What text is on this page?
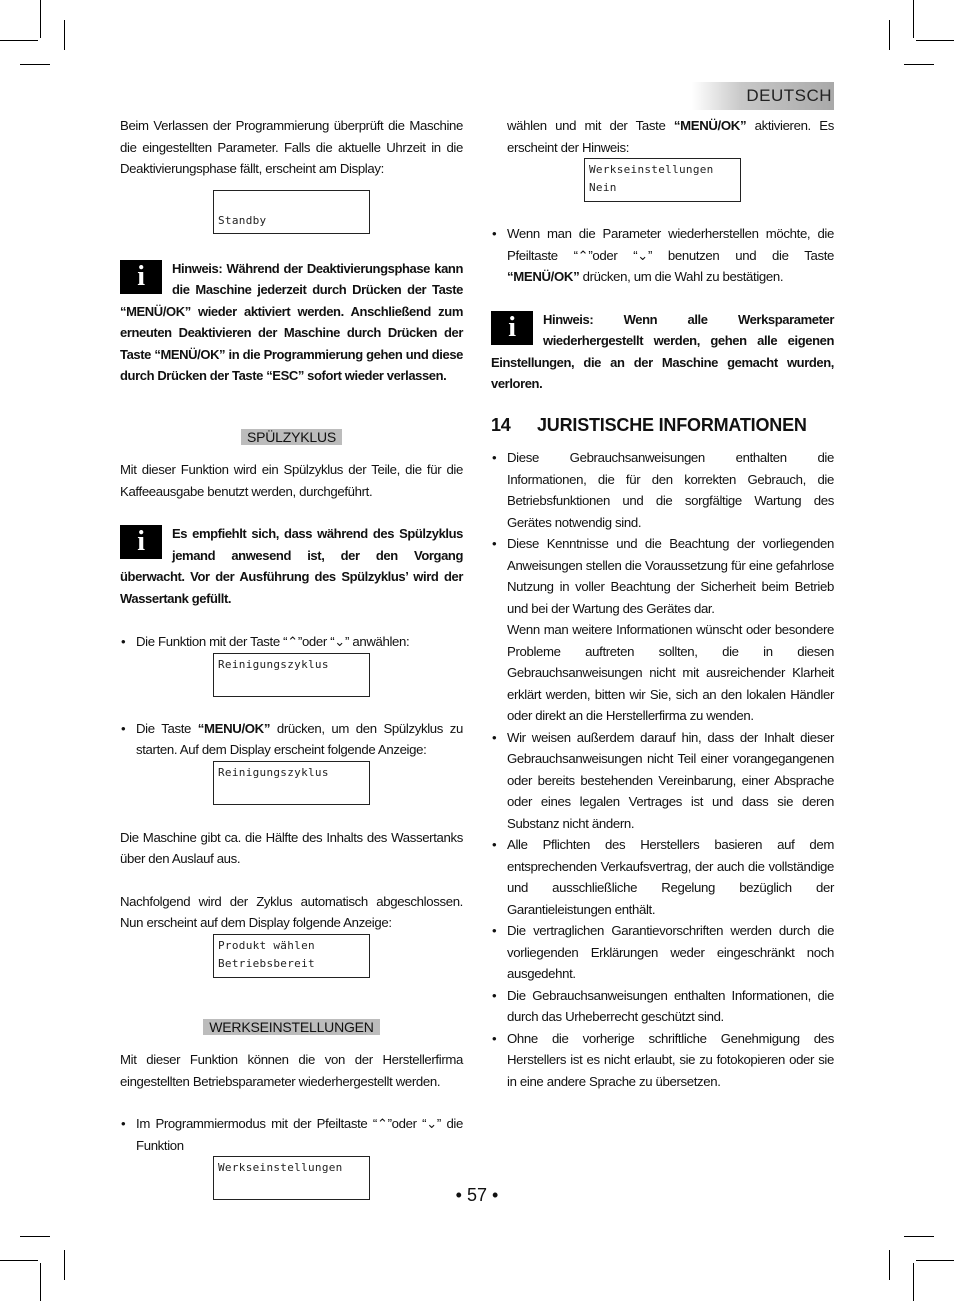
DEUTSCH

Beim Verlassen der Programmierung überprüft die Maschine die eingestellten Parameter. Falls die aktuelle Uhrzeit in die Deaktivierungsphase fällt, erscheint am Display:

Standby
i	Hinweis: Während der Deaktivierungsphase kann die Maschine jederzeit durch Drücken der Taste “MENÜ/OK” wieder aktiviert werden. Anschließend zum erneuten Deaktivieren der Maschine durch Drücken der Taste “MENÜ/OK” in die Programmierung gehen und diese durch Drücken der Taste “ESC” sofort wieder verlassen.

SPÜLZYKLUS

Mit dieser Funktion wird ein Spülzyklus der Teile, die für die Kaffeeausgabe benutzt werden, durchgeführt.

i	Es empfiehlt sich, dass während des Spülzyklus jemand anwesend ist, der den Vorgang überwacht. Vor der Ausführung des Spülzyklus’ wird der Wassertank gefüllt.

• Die Funktion mit der Taste “⌃”oder “⌄” anwählen:
Reinigungszyklus
• Die Taste “MENU/OK” drücken, um den Spülzyklus zu starten. Auf dem Display erscheint folgende Anzeige:
Reinigungszyklus

Die Maschine gibt ca. die Hälfte des Inhalts des Wassertanks über den Auslauf aus.

Nachfolgend wird der Zyklus automatisch abgeschlossen. Nun erscheint auf dem Display folgende Anzeige:

Produkt wählen
Betriebsbereit
WERKSEINSTELLUNGEN

Mit dieser Funktion können die von der Herstellerfirma eingestellten Betriebsparameter wiederhergestellt werden.

• Im Programmiermodus mit der Pfeiltaste “⌃”oder “⌄” die Funktion
Werkseinstellungen

wählen und mit der Taste “MENÜ/OK” aktivieren. Es erscheint der Hinweis:

Werkseinstellungen
Nein
• Wenn man die Parameter wiederherstellen möchte, die Pfeiltaste “⌃”oder “⌄” benutzen und die Taste “MENÜ/OK” drücken, um die Wahl zu bestätigen.
i	Hinweis: Wenn alle Werksparameter wiederhergestellt werden, gehen alle eigenen Einstellungen, die an der Maschine gemacht wurden, verloren.

14 JURISTISCHE INFORMATIONEN
• Diese Gebrauchsanweisungen enthalten die Informationen, die für den korrekten Gebrauch, die Betriebsfunktionen und die sorgfältige Wartung des Gerätes notwendig sind.
• Diese Kenntnisse und die Beachtung der vorliegenden Anweisungen stellen die Voraussetzung für eine gefahrlose Nutzung in voller Beachtung der Sicherheit beim Betrieb und bei der Wartung des Gerätes dar.

Wenn man weitere Informationen wünscht oder besondere Probleme auftreten sollten, die in diesen Gebrauchsanweisungen nicht mit ausreichender Klarheit erklärt werden, bitten wir Sie, sich an den lokalen Händler oder direkt an die Herstellerfirma zu wenden.

• Wir weisen außerdem darauf hin, dass der Inhalt dieser Gebrauchsanweisungen nicht Teil einer vorangegangenen oder bereits bestehenden Vereinbarung, einer Absprache oder eines legalen Vertrages ist und dass sie deren Substanz nicht ändern.
• Alle Pflichten des Herstellers basieren auf dem entsprechenden Verkaufsvertrag, der auch die vollständige und ausschließliche Regelung bezüglich der Garantieleistungen enthält.
• Die vertraglichen Garantievorschriften werden durch die vorliegenden Erklärungen weder eingeschränkt noch ausgedehnt.
• Die Gebrauchsanweisungen enthalten Informationen, die durch das Urheberrecht geschützt sind.
• Ohne die vorherige schriftliche Genehmigung des Herstellers ist es nicht erlaubt, sie zu fotokopieren oder sie in eine andere Sprache zu übersetzen.
• 57 •
